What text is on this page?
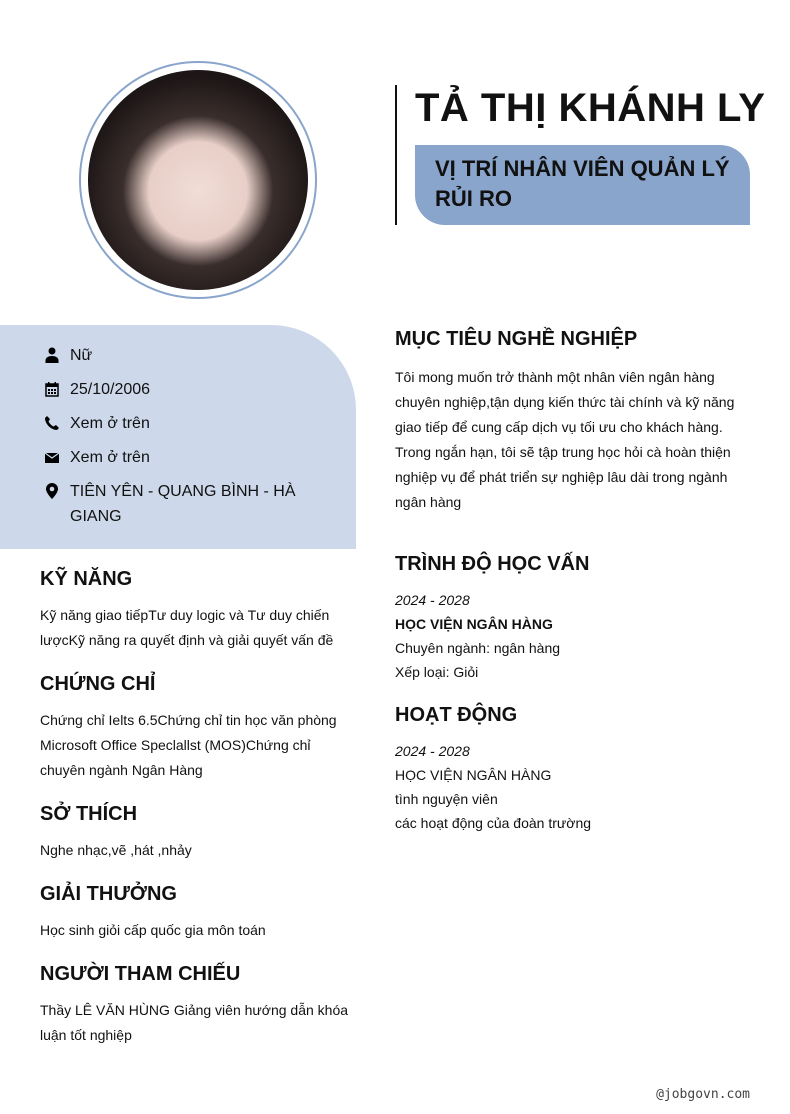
TẢ THỊ KHÁNH LY
VỊ TRÍ NHÂN VIÊN QUẢN LÝ RỦI RO
Nữ
25/10/2006
Xem ở trên
Xem ở trên
TIÊN YÊN - QUANG BÌNH - HÀ GIANG
KỸ NĂNG
Kỹ năng giao tiếpTư duy logic và Tư duy chiến lượcKỹ năng ra quyết định và giải quyết vấn đề
CHỨNG CHỈ
Chứng chỉ Ielts 6.5Chứng chỉ tin học văn phòng Microsoft Office Speclallst (MOS)Chứng chỉ chuyên ngành Ngân Hàng
SỞ THÍCH
Nghe nhạc,vẽ ,hát ,nhảy
GIẢI THƯỞNG
Học sinh giỏi cấp quốc gia môn toán
NGƯỜI THAM CHIẾU
Thầy LÊ VĂN HÙNG Giảng viên hướng dẫn khóa luận tốt nghiệp
MỤC TIÊU NGHỀ NGHIỆP
Tôi mong muốn trở thành một nhân viên ngân hàng chuyên nghiệp,tận dụng kiến thức tài chính và kỹ năng giao tiếp để cung cấp dịch vụ tối ưu cho khách hàng. Trong ngắn hạn, tôi sẽ tập trung học hỏi cà hoàn thiện nghiệp vụ để phát triển sự nghiệp lâu dài trong ngành ngân hàng
TRÌNH ĐỘ HỌC VẤN
2024 - 2028
HỌC VIỆN NGÂN HÀNG
Chuyên ngành: ngân hàng
Xếp loại: Giỏi
HOẠT ĐỘNG
2024 - 2028
HỌC VIỆN NGÂN HÀNG
tình nguyện viên
các hoạt động của đoàn trường
@jobgovn.com
